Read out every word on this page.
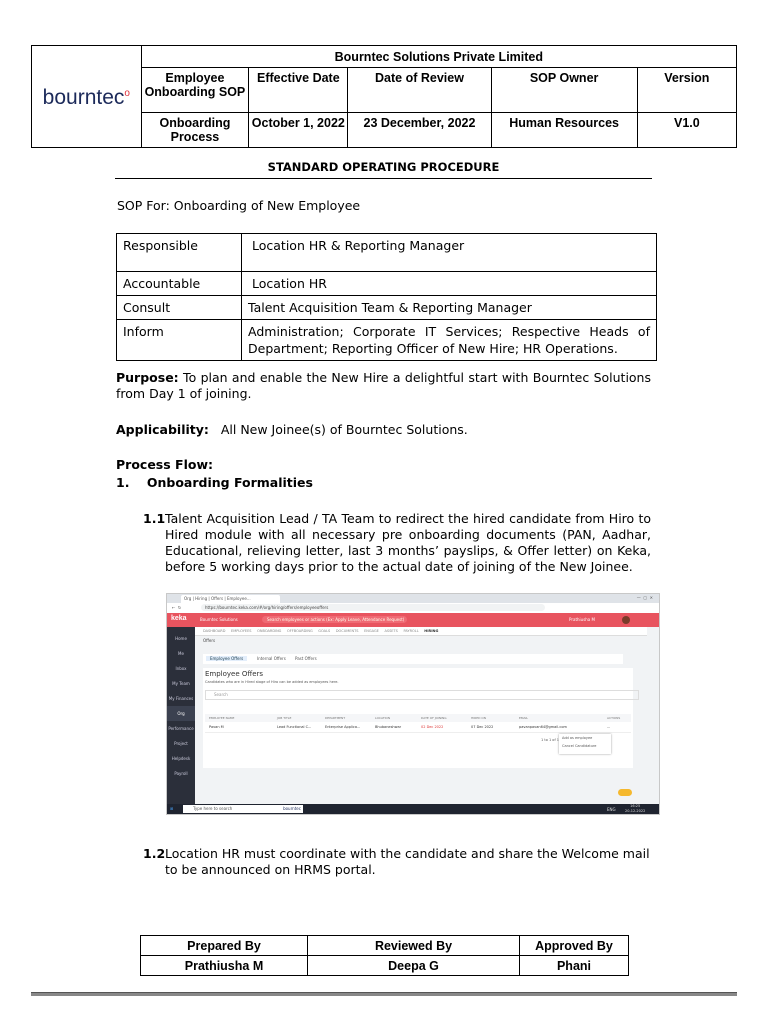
bourntec$^o$	Bourntec Solutions Private Limited				
	Employee Onboarding SOP	Effective Date	Date of Review	SOP Owner	Version
	Onboarding Process	October 1, 2022	23 December, 2022	Human Resources	V1.0
STANDARD OPERATING PROCEDURE

SOP For: Onboarding of New Employee

Responsible	Location HR & Reporting Manager
Accountable	Location HR
Consult	Talent Acquisition Team & Reporting Manager
Inform	Administration; Corporate IT Services; Respective Heads of Department; Reporting Officer of New Hire; HR Operations.

Purpose: To plan and enable the New Hire a delightful start with Bourntec Solutions from Day 1 of joining.

Applicability: All New Joinee(s) of Bourntec Solutions.

Process Flow:

1. Onboarding Formalities

1.1 Talent Acquisition Lead / TA Team to redirect the hired candidate from Hiro to Hired module with all necessary pre onboarding documents (PAN, Aadhar, Educational, relieving letter, last 3 months’ payslips, & Offer letter) on Keka, before 5 working days prior to the actual date of joining of the New Joinee.

Org | Hiring | Offers | Employee...	—  ▢  ✕
←  ↻	https://bourntec.keka.com/#/org/hiring/offers/employeeoffers
keka	Bourntec Solutions	Search employees or actions (Ex: Apply Leave, Attendance Request)	Prathiusha M
Home
Me
Inbox
My Team
My Finances
Org
Performance
Project
Helpdesk
Payroll
DASHBOARD EMPLOYEES ONBOARDING OFFBOARDING GOALS DOCUMENTS ENGAGE ASSETS PAYROLL HIRING
Offers
Employee Offers	Internal Offers Past Offers
Employee Offers
Candidates who are in Hired stage of Hiro can be added as employees here.
Search
EMPLOYEE NAME	JOB TITLE	DEPARTMENT	LOCATION	DATE OF JOINING	HIRED ON	EMAIL	ACTIONS
Pavan M	Lead Functional C...	Enterprise Applica...	Bhubaneshwar	02 Dec 2022	07 Dec 2022	pavanpavan64@gmail.com	...
1 to 1 of 1 Add as employee
Cancel Candidature
⊞	Type here to search	bourntec	ENG
16:25
20-12-2022
1.2 Location HR must coordinate with the candidate and share the Welcome mail to be announced on HRMS portal.

Prepared By	Reviewed By	Approved By
Prathiusha M	Deepa G	Phani
